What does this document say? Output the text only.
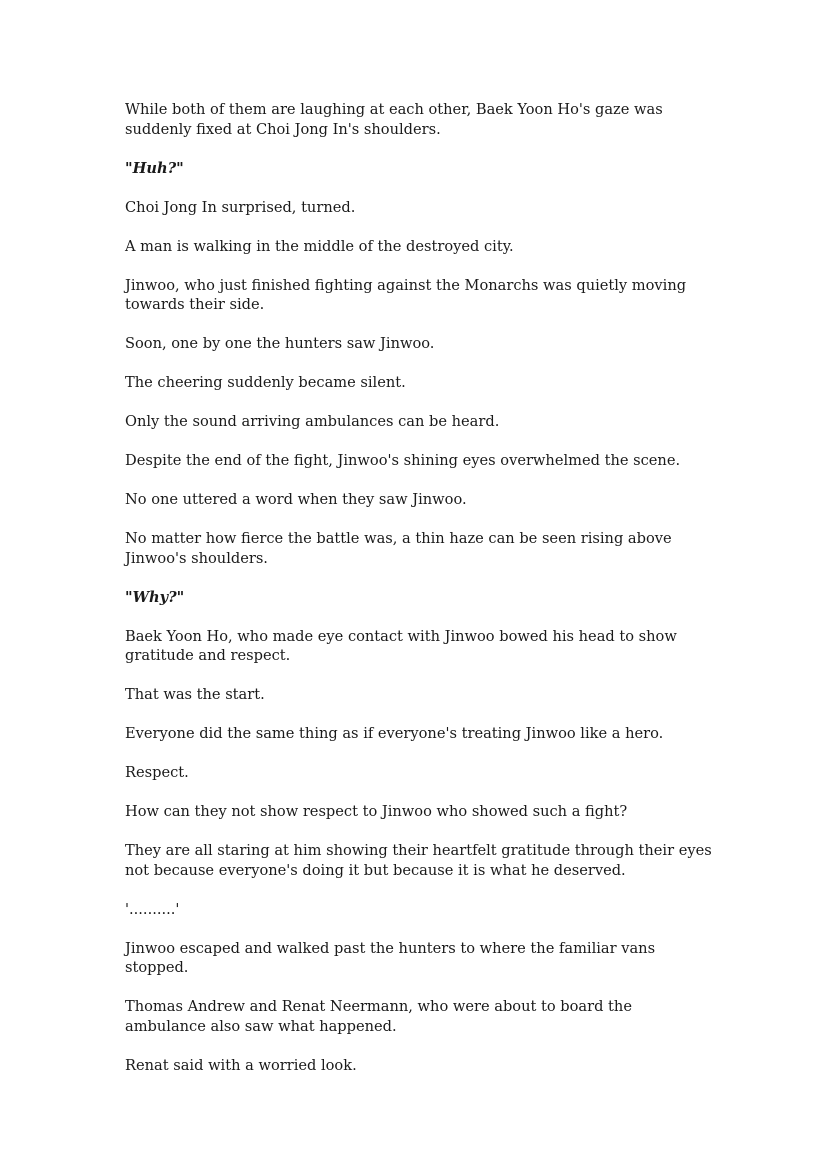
While both of them are laughing at each other, Baek Yoon Ho's gaze was suddenly fixed at Choi Jong In's shoulders.

"Huh?"

Choi Jong In surprised, turned.

A man is walking in the middle of the destroyed city.

Jinwoo, who just finished fighting against the Monarchs was quietly moving towards their side.

Soon, one by one the hunters saw Jinwoo.

The cheering suddenly became silent.

Only the sound arriving ambulances can be heard.

Despite the end of the fight, Jinwoo's shining eyes overwhelmed the scene.

No one uttered a word when they saw Jinwoo.

No matter how fierce the battle was, a thin haze can be seen rising above Jinwoo's shoulders.

"Why?"

Baek Yoon Ho, who made eye contact with Jinwoo bowed his head to show gratitude and respect.

That was the start.

Everyone did the same thing as if everyone's treating Jinwoo like a hero.

Respect.

How can they not show respect to Jinwoo who showed such a fight?

They are all staring at him showing their heartfelt gratitude through their eyes not because everyone's doing it but because it is what he deserved.

'..........'

Jinwoo escaped and walked past the hunters to where the familiar vans stopped.

Thomas Andrew and Renat Neermann, who were about to board the ambulance also saw what happened.

Renat said with a worried look.
